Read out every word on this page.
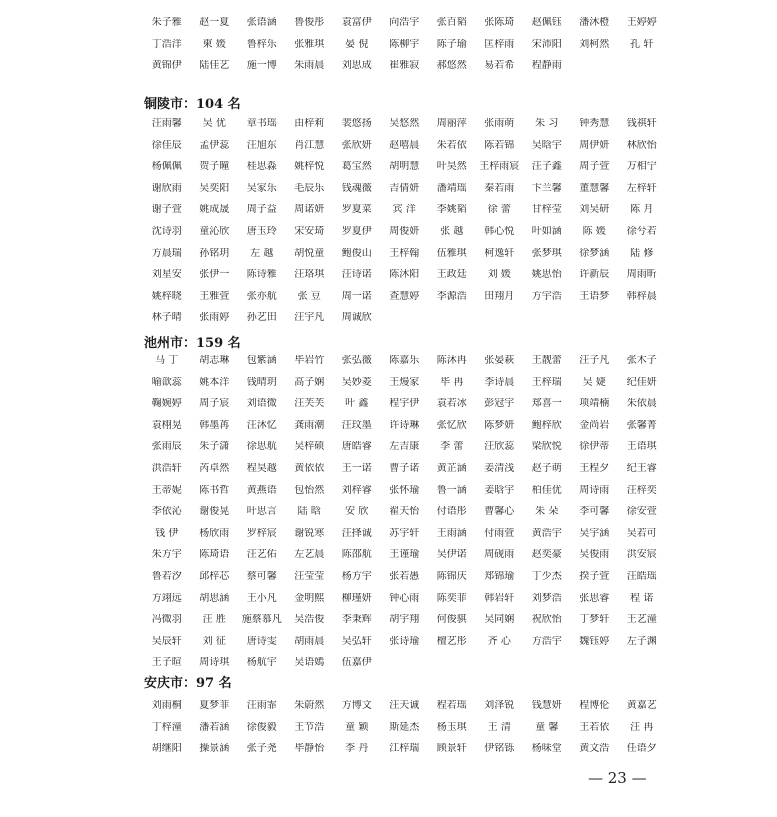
朱子雅	赵一夏	张语涵	鲁俊彤	袁富伊	向浩宇	张百韬	张陈琦	赵佩钰	潘沐橙	王婷婷
丁浩洋	柬 媛	鲁梓乐	张雅琪	晏 倪	陈柳宇	陈子瑜	匡梓雨	宋沛阳	刘柯然	孔 轩
黄锦伊	陆佳艺	施一博	朱雨晨	刘思成	崔雅寂	郝悠然	易若希	程静雨
铜陵市：104 名
汪雨馨	吴 优	章书瑶	由梓莉	裴悠扬	吴悠然	周丽萍	张雨萌	朱 习	钟秀慧	钱祺轩
徐佳辰	孟伊蕊	汪旭东	肖江慧	张欣妍	赵嘻晨	朱若依	陈若锦	吴晗宇	周伊妍	林欣怡
杨佩佩	贺子曈	桂思淼	姚梓悦	葛宝然	胡明慧	叶昊然	王梓雨宸	汪子鑫	周子萱	万相宁
谢欣雨	吴奕阳	吴家乐	毛辰乐	钱魂薇	吉倩妍	潘靖瑶	秦若雨	卞兰馨	董慧馨	左梓轩
谢子萱	姚成晟	周子益	周诺妍	罗夏菜	宾 洋	李姚韬	徐 蕾	甘梓莹	刘吴研	陈 月
沈诗羽	童沁欣	唐玉玲	宋安琦	罗夏伊	周俊妍	张 越	韩心悦	叶如涵	陈 媛	徐兮若
方晨瑞	孙铭玥	左 越	胡悦童	鲍俊山	王梓翰	伍雅琪	柯逸轩	张梦琪	徐梦涵	陆 修
刘星安	张伊一	陈诗雅	汪珞琪	汪诗诺	陈沐阳	王政廷	刘 媛	姚思怡	许新辰	周雨昕
姚梓晓	王雅萱	张亦航	张 豆	周一诺	查慧婷	李源浩	田翔月	方宇浩	王语梦	韩梓晨
林子晴	张雨婷	孙艺田	汪宇凡	周诚欣
池州市：159 名
马 丁	胡志琳	包紫涵	毕岩竹	张弘薇	陈嘉乐	陈沐冉	张晏萩	王靓蕾	汪子凡	张木子
喻歆蕊	姚本洋	钱晴玥	高子娴	吴妙菱	王熳家	毕 冉	李诗晨	王梓瑞	吴 婕	纪佳妍
鞠婉婷	周子宸	刘语微	汪芙芙	叶 鑫	程宇伊	袁若冰	彭冠宇	郑喜一	项靖楠	朱依晨
袁栩晃	韩墨苒	汪沐忆	龚雨潮	汪玟墨	许诗琳	张忆欣	陈梦妍	鲍梓欣	金尚岩	张馨菁
张雨辰	朱子潇	徐思航	吴梓硕	唐皓睿	左吉康	李 蕾	汪欣蕊	梁欣悦	徐伊蒂	王语琪
洪浩轩	芮卓然	程昊越	黄依依	王一诺	曹子诺	黄芷涵	姜清浅	赵子萌	王程夕	纪王睿
王蒂妮	陈书哲	黄燕语	包怡然	刘梓睿	张怀瑜	鲁一涵	姜晗宇	柏佳优	周诗雨	汪梓奕
李依沁	谢俊晃	叶思言	陆 晗	安 欣	翟天怡	付语彤	曹馨心	朱 朵	李可馨	徐安萱
钱 伊	杨欣雨	罗梓宸	谢锐寒	汪择诚	苏宇轩	王雨涵	付雨萱	黄浩宇	吴宇涵	吴若可
朱方宇	陈琦语	汪艺佑	左艺晨	陈邵航	王谨瑜	吴伊诺	周砚雨	赵奕豪	吴俊雨	洪安宸
鲁若汐	邱梓芯	蔡可馨	汪莹莹	杨方宇	张若愚	陈锦庆	郑锦瑜	丁少杰	揆子萱	汪皓瑶
方翊远	胡思涵	王小凡	金明熙	柳瑾妍	钟心雨	陈奕菲	韩岩轩	刘梦浩	张思睿	程 诺
冯微羽	汪 胜	施蔡慕凡	吴浩俊	李秉辉	胡宇翔	何俊骐	吴同娴	祝欣怡	丁梦轩	王艺潼
吴辰轩	刘 征	唐诗雯	胡雨晨	吴弘轩	张诗瑜	檀艺彤	齐 心	方浩宇	魏钰婷	左子渊
王子暄	周诗琪	杨航宇	吴语嫣	伍嘉伊
安庆市：97 名
刘雨桐	夏梦菲	汪雨霏	朱蔚然	方博文	汪天诚	程若瑶	刘泽锐	钱慧妍	程博伦	黄嘉艺
丁梓潼	潘若涵	徐俊毅	王节浩	童 颖	斯延杰	杨玉琪	王 清	童 馨	王若依	汪 冉
胡继阳	操景涵	张子尧	毕静怡	李 丹	江梓瑞	顾景轩	伊铭铄	杨味堂	黄文浩	任语夕
— 23 —
